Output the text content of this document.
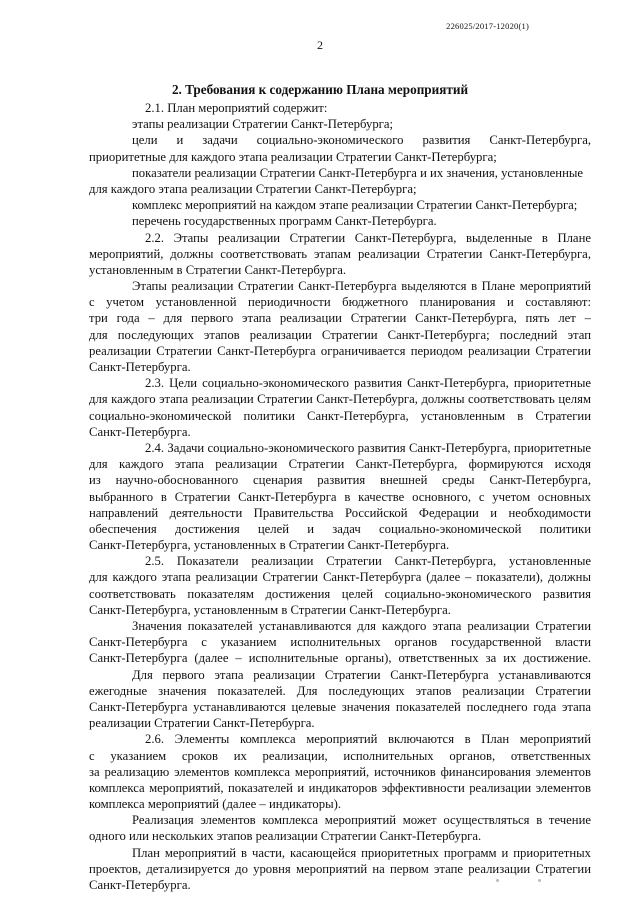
226025/2017-12020(1)
2
2. Требования к содержанию Плана мероприятий
2.1. План мероприятий содержит:
этапы реализации Стратегии Санкт-Петербурга;
цели и задачи социально-экономического развития Санкт-Петербурга,
приоритетные для каждого этапа реализации Стратегии Санкт-Петербурга;
показатели реализации Стратегии Санкт-Петербурга и их значения, установленные
для каждого этапа реализации Стратегии Санкт-Петербурга;
комплекс мероприятий на каждом этапе реализации Стратегии Санкт-Петербурга;
перечень государственных программ Санкт-Петербурга.
2.2. Этапы реализации Стратегии Санкт-Петербурга, выделенные в Плане
мероприятий, должны соответствовать этапам реализации Стратегии Санкт-Петербурга,
установленным в Стратегии Санкт-Петербурга.
Этапы реализации Стратегии Санкт-Петербурга выделяются в Плане мероприятий
с учетом установленной периодичности бюджетного планирования и составляют:
три года – для первого этапа реализации Стратегии Санкт-Петербурга, пять лет –
для последующих этапов реализации Стратегии Санкт-Петербурга; последний этап
реализации Стратегии Санкт-Петербурга ограничивается периодом реализации Стратегии
Санкт-Петербурга.
2.3. Цели социально-экономического развития Санкт-Петербурга, приоритетные
для каждого этапа реализации Стратегии Санкт-Петербурга, должны соответствовать целям
социально-экономической политики Санкт-Петербурга, установленным в Стратегии
Санкт-Петербурга.
2.4. Задачи социально-экономического развития Санкт-Петербурга, приоритетные
для каждого этапа реализации Стратегии Санкт-Петербурга, формируются исходя
из научно-обоснованного сценария развития внешней среды Санкт-Петербурга,
выбранного в Стратегии Санкт-Петербурга в качестве основного, с учетом основных
направлений деятельности Правительства Российской Федерации и необходимости
обеспечения достижения целей и задач социально-экономической политики
Санкт-Петербурга, установленных в Стратегии Санкт-Петербурга.
2.5. Показатели реализации Стратегии Санкт-Петербурга, установленные
для каждого этапа реализации Стратегии Санкт-Петербурга (далее – показатели), должны
соответствовать показателям достижения целей социально-экономического развития
Санкт-Петербурга, установленным в Стратегии Санкт-Петербурга.
Значения показателей устанавливаются для каждого этапа реализации Стратегии
Санкт-Петербурга с указанием исполнительных органов государственной власти
Санкт-Петербурга (далее – исполнительные органы), ответственных за их достижение.
Для первого этапа реализации Стратегии Санкт-Петербурга устанавливаются
ежегодные значения показателей. Для последующих этапов реализации Стратегии
Санкт-Петербурга устанавливаются целевые значения показателей последнего года этапа
реализации Стратегии Санкт-Петербурга.
2.6. Элементы комплекса мероприятий включаются в План мероприятий
с указанием сроков их реализации, исполнительных органов, ответственных
за реализацию элементов комплекса мероприятий, источников финансирования элементов
комплекса мероприятий, показателей и индикаторов эффективности реализации элементов
комплекса мероприятий (далее – индикаторы).
Реализация элементов комплекса мероприятий может осуществляться в течение
одного или нескольких этапов реализации Стратегии Санкт-Петербурга.
План мероприятий в части, касающейся приоритетных программ и приоритетных
проектов, детализируется до уровня мероприятий на первом этапе реализации Стратегии
Санкт-Петербурга.
